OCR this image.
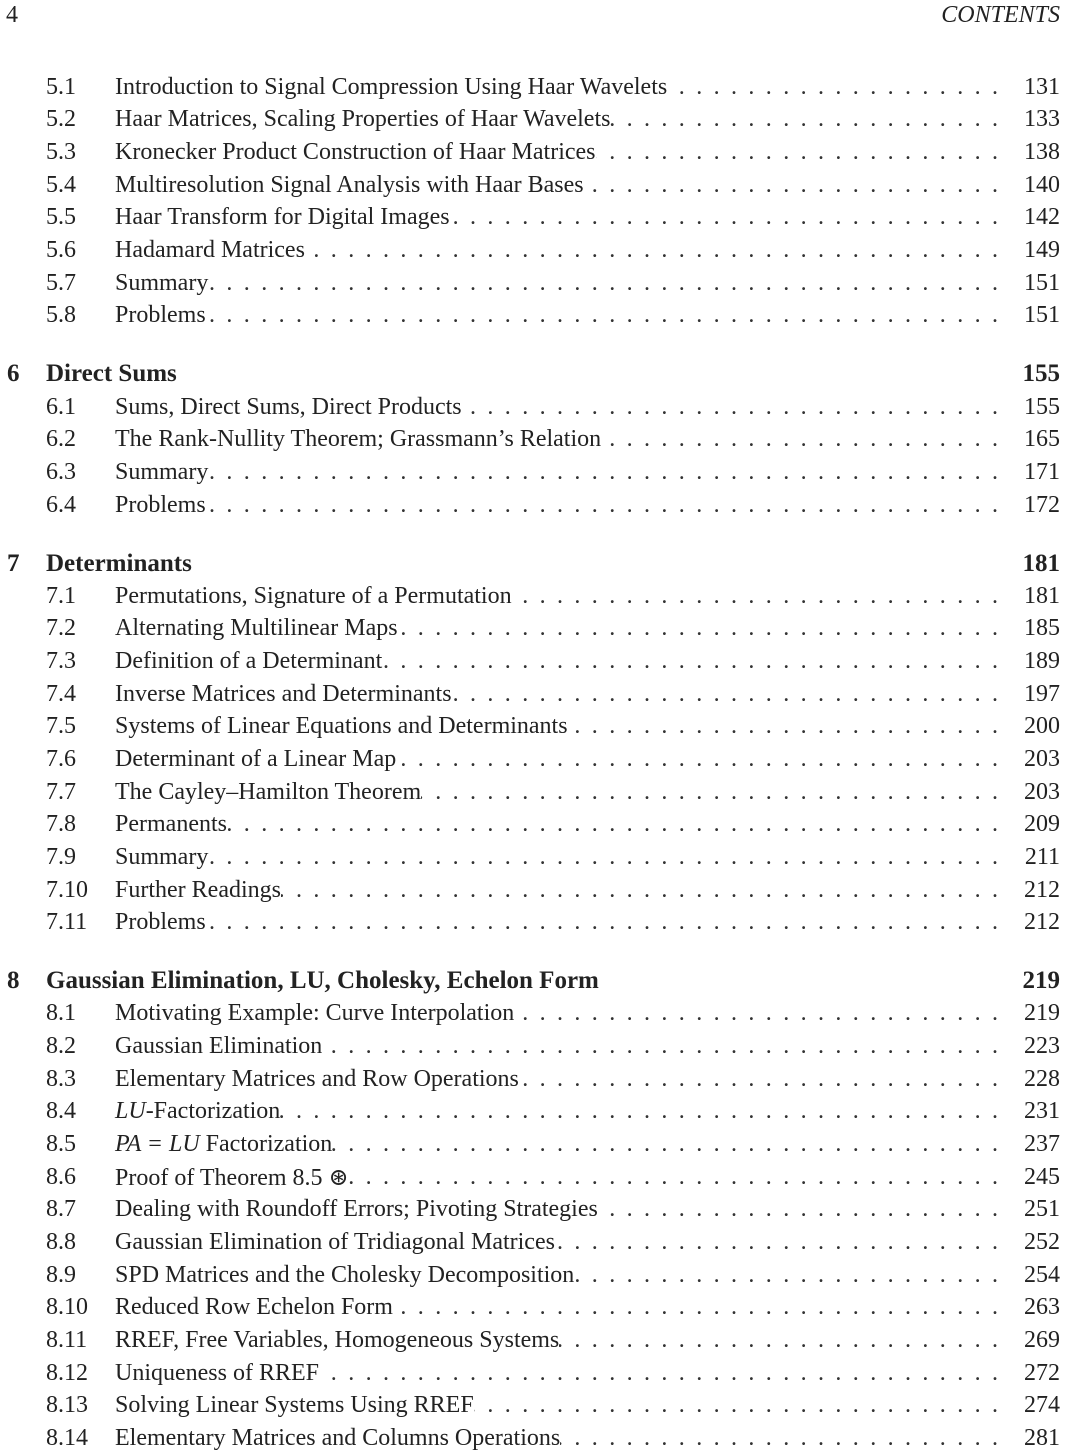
4	CONTENTS
5.1	Introduction to Signal Compression Using Haar Wavelets . . .	131
5.2	Haar Matrices, Scaling Properties of Haar Wavelets . . .	133
5.3	Kronecker Product Construction of Haar Matrices . . .	138
5.4	Multiresolution Signal Analysis with Haar Bases . . .	140
5.5	Haar Transform for Digital Images . . .	142
5.6	Hadamard Matrices . . .	149
5.7	Summary . . .	151
5.8	Problems . . .	151
6	Direct Sums	155
6.1	Sums, Direct Sums, Direct Products . . .	155
6.2	The Rank-Nullity Theorem; Grassmann’s Relation . . .	165
6.3	Summary . . .	171
6.4	Problems . . .	172
7	Determinants	181
7.1	Permutations, Signature of a Permutation . . .	181
7.2	Alternating Multilinear Maps . . .	185
7.3	Definition of a Determinant . . .	189
7.4	Inverse Matrices and Determinants . . .	197
7.5	Systems of Linear Equations and Determinants . . .	200
7.6	Determinant of a Linear Map . . .	203
7.7	The Cayley–Hamilton Theorem . . .	203
7.8	Permanents . . .	209
7.9	Summary . . .	211
7.10	Further Readings . . .	212
7.11	Problems . . .	212
8	Gaussian Elimination, LU, Cholesky, Echelon Form	219
8.1	Motivating Example: Curve Interpolation . . .	219
8.2	Gaussian Elimination . . .	223
8.3	Elementary Matrices and Row Operations . . .	228
8.4	LU-Factorization . . .	231
8.5	PA = LU Factorization . . .	237
8.6	Proof of Theorem 8.5 ⊛ . . .	245
8.7	Dealing with Roundoff Errors; Pivoting Strategies . . .	251
8.8	Gaussian Elimination of Tridiagonal Matrices . . .	252
8.9	SPD Matrices and the Cholesky Decomposition . . .	254
8.10	Reduced Row Echelon Form . . .	263
8.11	RREF, Free Variables, Homogeneous Systems . . .	269
8.12	Uniqueness of RREF . . .	272
8.13	Solving Linear Systems Using RREF . . .	274
8.14	Elementary Matrices and Columns Operations . . .	281
